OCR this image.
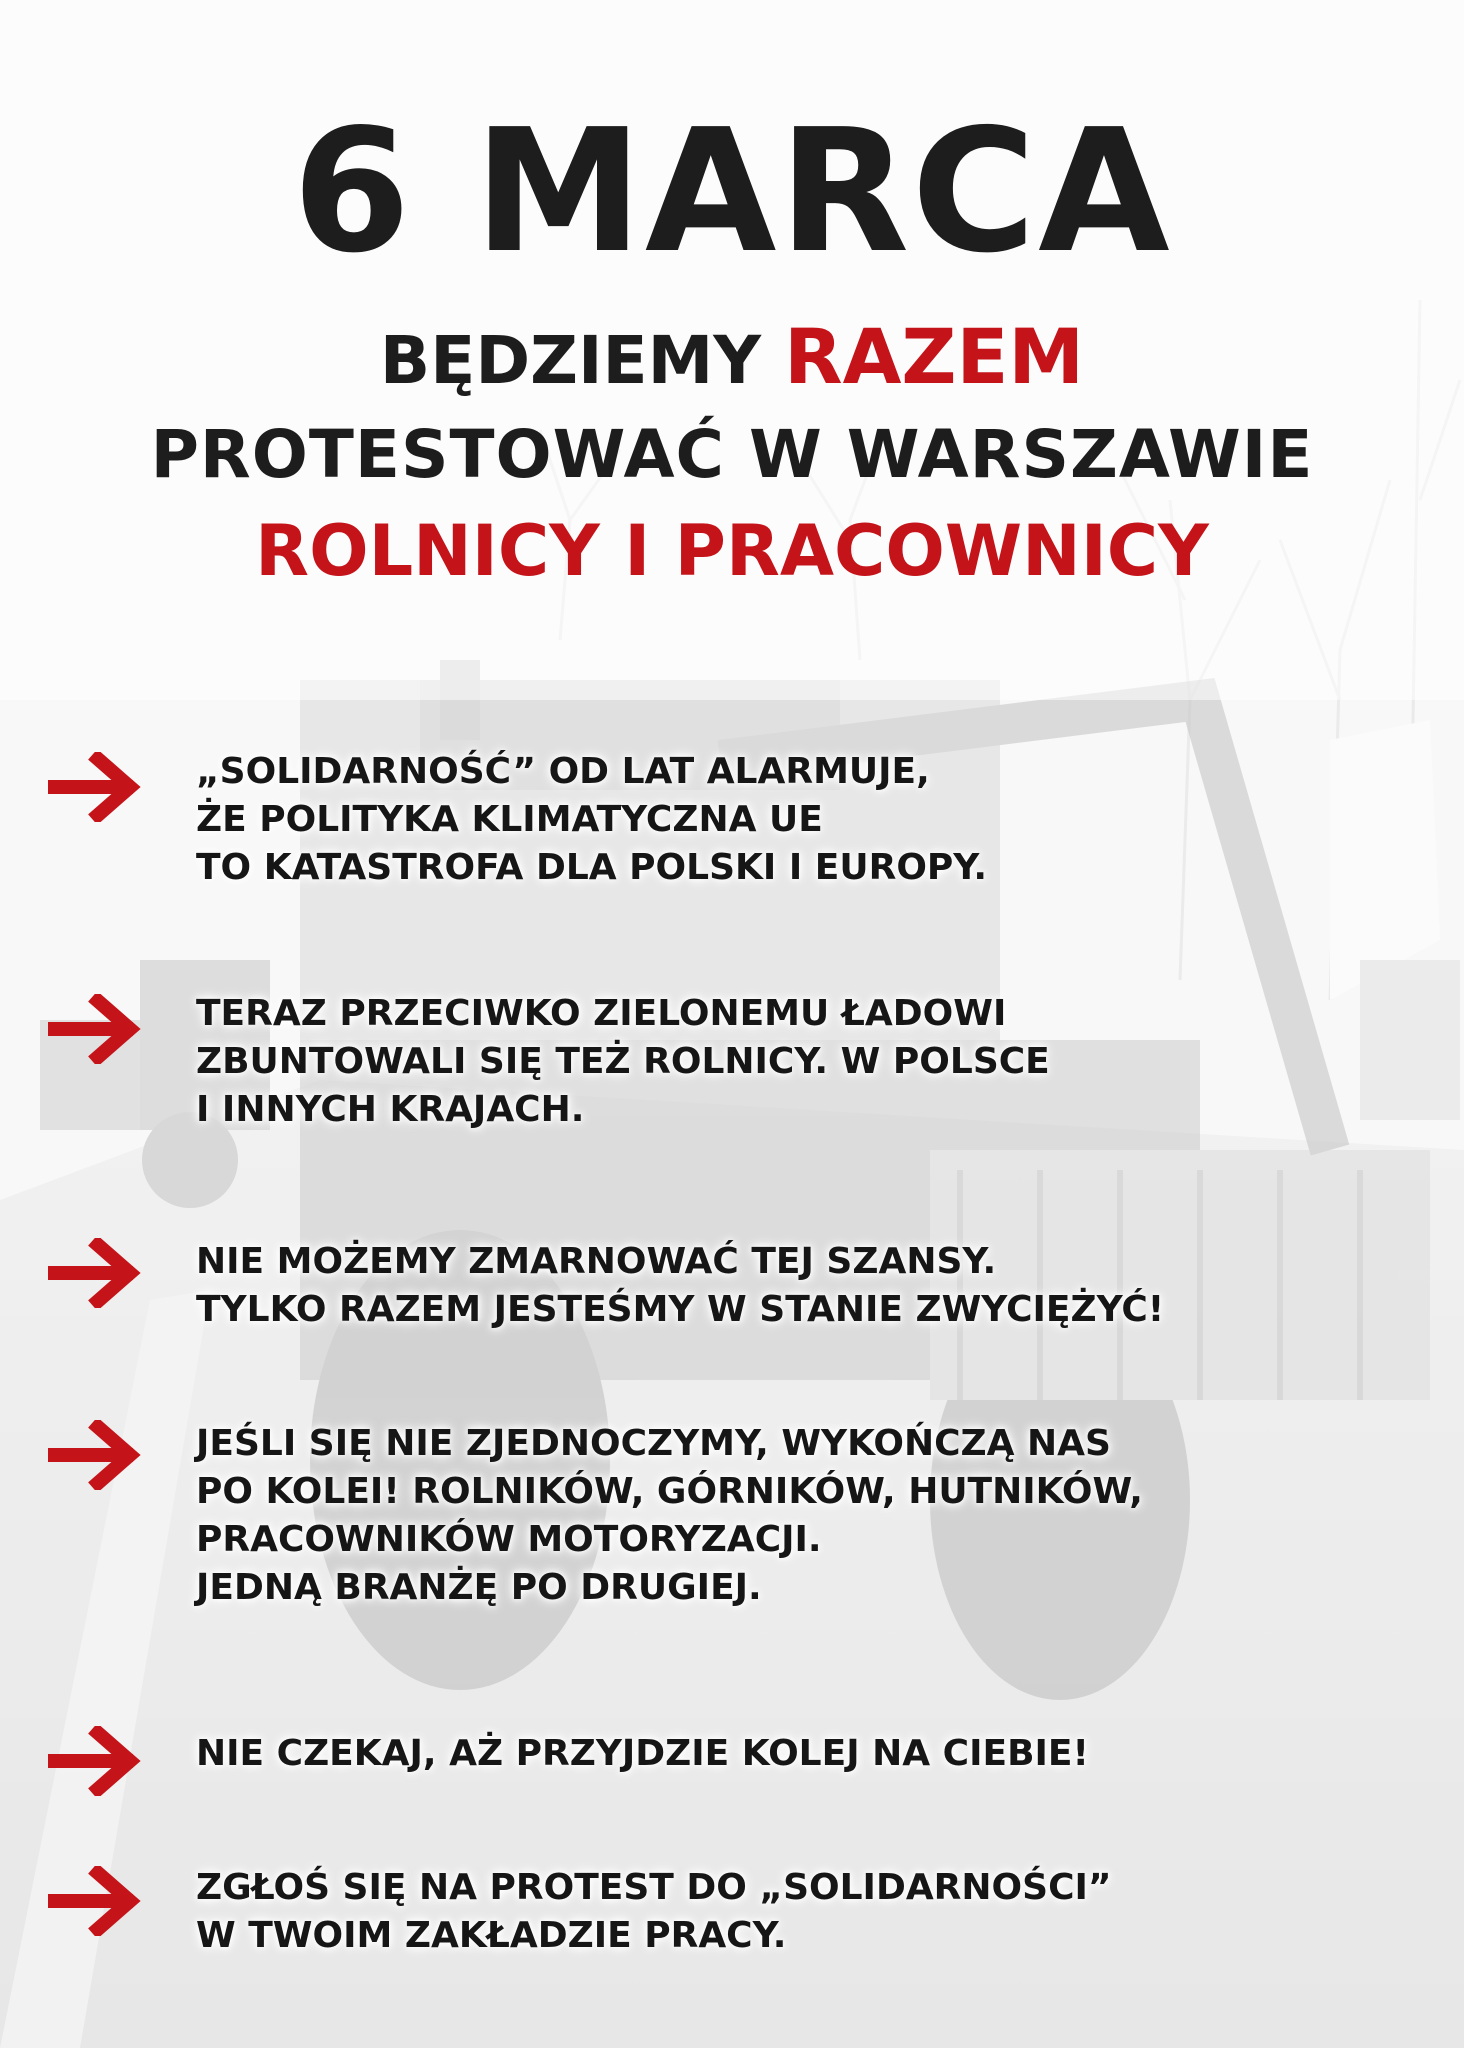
6 MARCA
BĘDZIEMY RAZEM
PROTESTOWAĆ W WARSZAWIE
ROLNICY I PRACOWNICY
„SOLIDARNOŚĆ” OD LAT ALARMUJE,
ŻE POLITYKA KLIMATYCZNA UE
TO KATASTROFA DLA POLSKI I EUROPY.
TERAZ PRZECIWKO ZIELONEMU ŁADOWI
ZBUNTOWALI SIĘ TEŻ ROLNICY. W POLSCE
I INNYCH KRAJACH.
NIE MOŻEMY ZMARNOWAĆ TEJ SZANSY.
TYLKO RAZEM JESTEŚMY W STANIE ZWYCIĘŻYĆ!
JEŚLI SIĘ NIE ZJEDNOCZYMY, WYKOŃCZĄ NAS
PO KOLEI! ROLNIKÓW, GÓRNIKÓW, HUTNIKÓW,
PRACOWNIKÓW MOTORYZACJI.
JEDNĄ BRANŻĘ PO DRUGIEJ.
NIE CZEKAJ, AŻ PRZYJDZIE KOLEJ NA CIEBIE!
ZGŁOŚ SIĘ NA PROTEST DO „SOLIDARNOŚCI”
W TWOIM ZAKŁADZIE PRACY.
